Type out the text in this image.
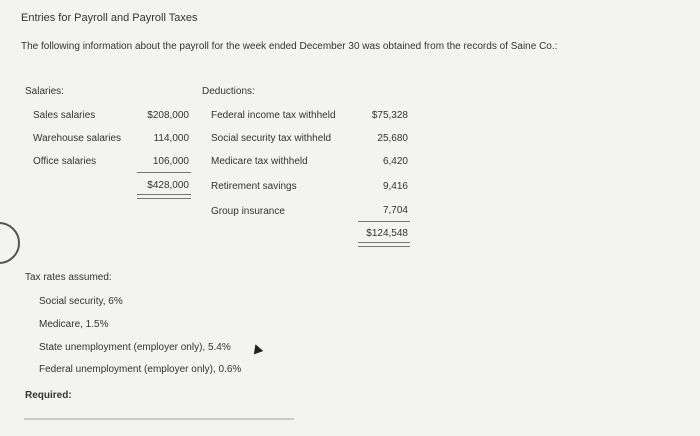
Entries for Payroll and Payroll Taxes
The following information about the payroll for the week ended December 30 was obtained from the records of Saine Co.:
Salaries:
Sales salaries	$208,000
Warehouse salaries	114,000
Office salaries	106,000
$428,000
Deductions:
Federal income tax withheld	$75,328
Social security tax withheld	25,680
Medicare tax withheld	6,420
Retirement savings	9,416
Group insurance	7,704
$124,548
Tax rates assumed:
Social security, 6%
Medicare, 1.5%
State unemployment (employer only), 5.4%
Federal unemployment (employer only), 0.6%
Required:
